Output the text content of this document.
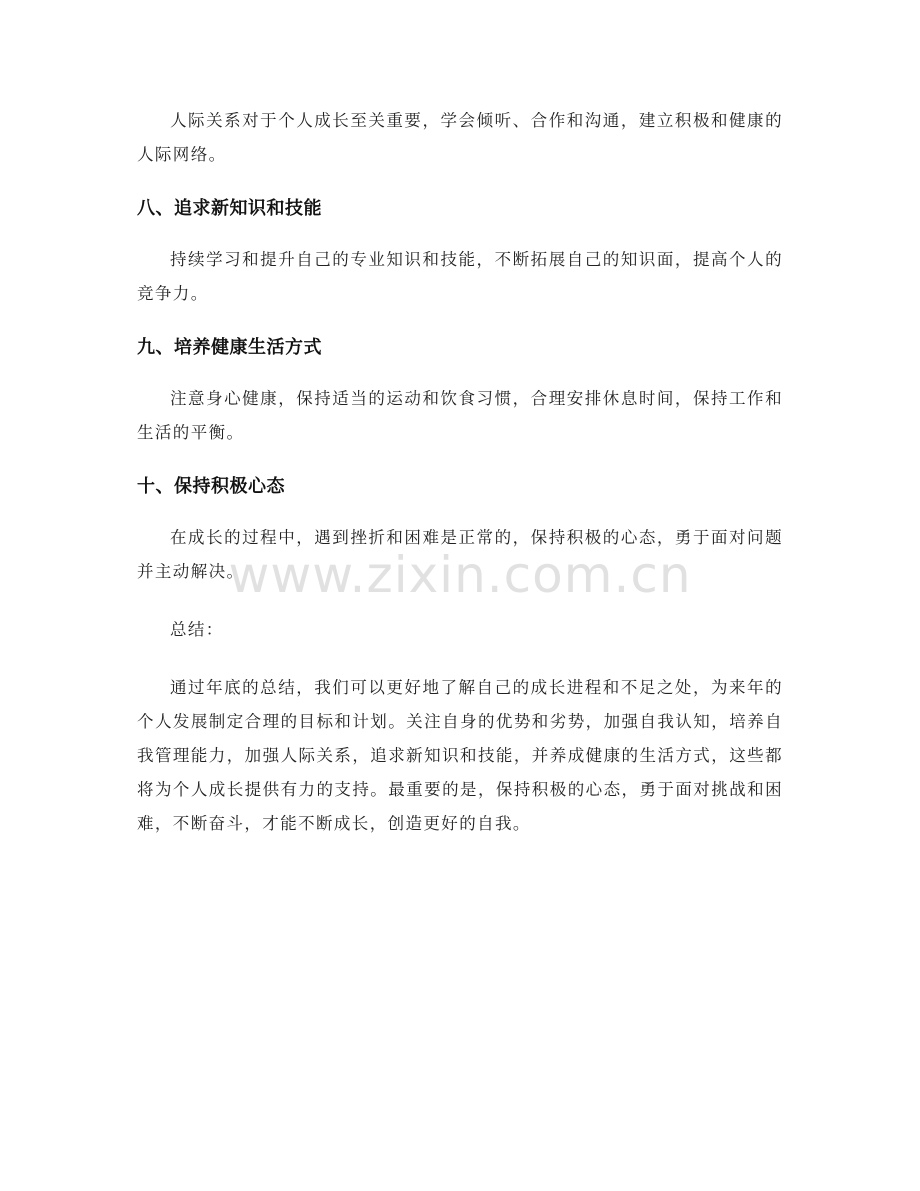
人际关系对于个人成长至关重要，学会倾听、合作和沟通，建立积极和健康的人际网络。

八、追求新知识和技能

持续学习和提升自己的专业知识和技能，不断拓展自己的知识面，提高个人的竞争力。

九、培养健康生活方式

注意身心健康，保持适当的运动和饮食习惯，合理安排休息时间，保持工作和生活的平衡。

十、保持积极心态

在成长的过程中，遇到挫折和困难是正常的，保持积极的心态，勇于面对问题并主动解决。

总结：

通过年底的总结，我们可以更好地了解自己的成长进程和不足之处，为来年的个人发展制定合理的目标和计划。关注自身的优势和劣势，加强自我认知，培养自我管理能力，加强人际关系，追求新知识和技能，并养成健康的生活方式，这些都将为个人成长提供有力的支持。最重要的是，保持积极的心态，勇于面对挑战和困难，不断奋斗，才能不断成长，创造更好的自我。

www.zixin.com.cn
